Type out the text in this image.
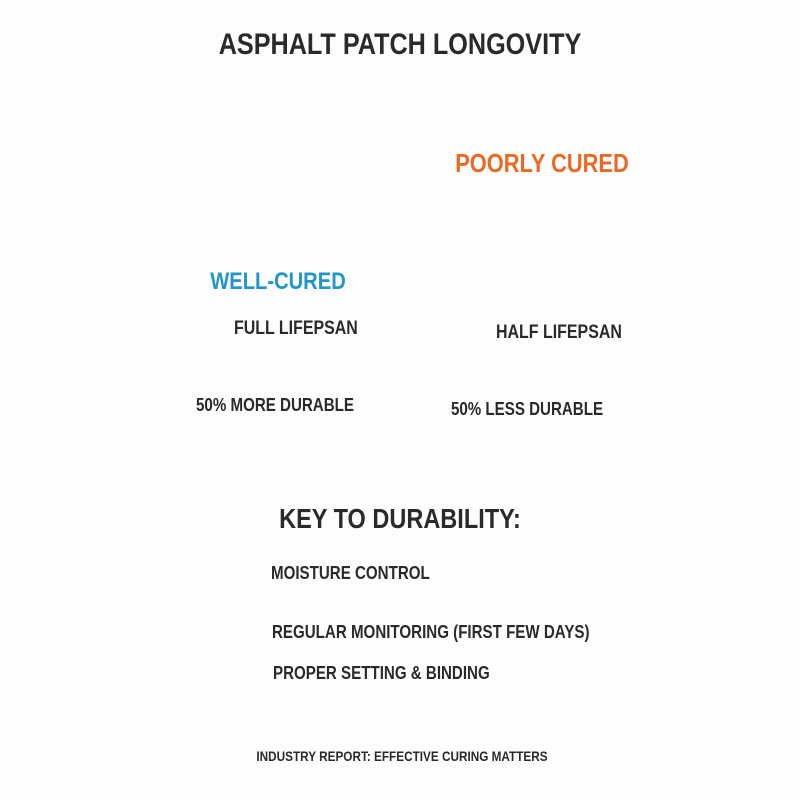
ASPHALT PATCH LONGOVITY
WELL-CURED
FULL LIFEPSAN
50% MORE DURABLE
POORLY CURED
HALF LIFEPSAN
50% LESS DURABLE
KEY TO DURABILITY:
MOISTURE CONTROL
REGULAR MONITORING (FIRST FEW DAYS)
PROPER SETTING & BINDING
INDUSTRY REPORT: EFFECTIVE CURING MATTERS
